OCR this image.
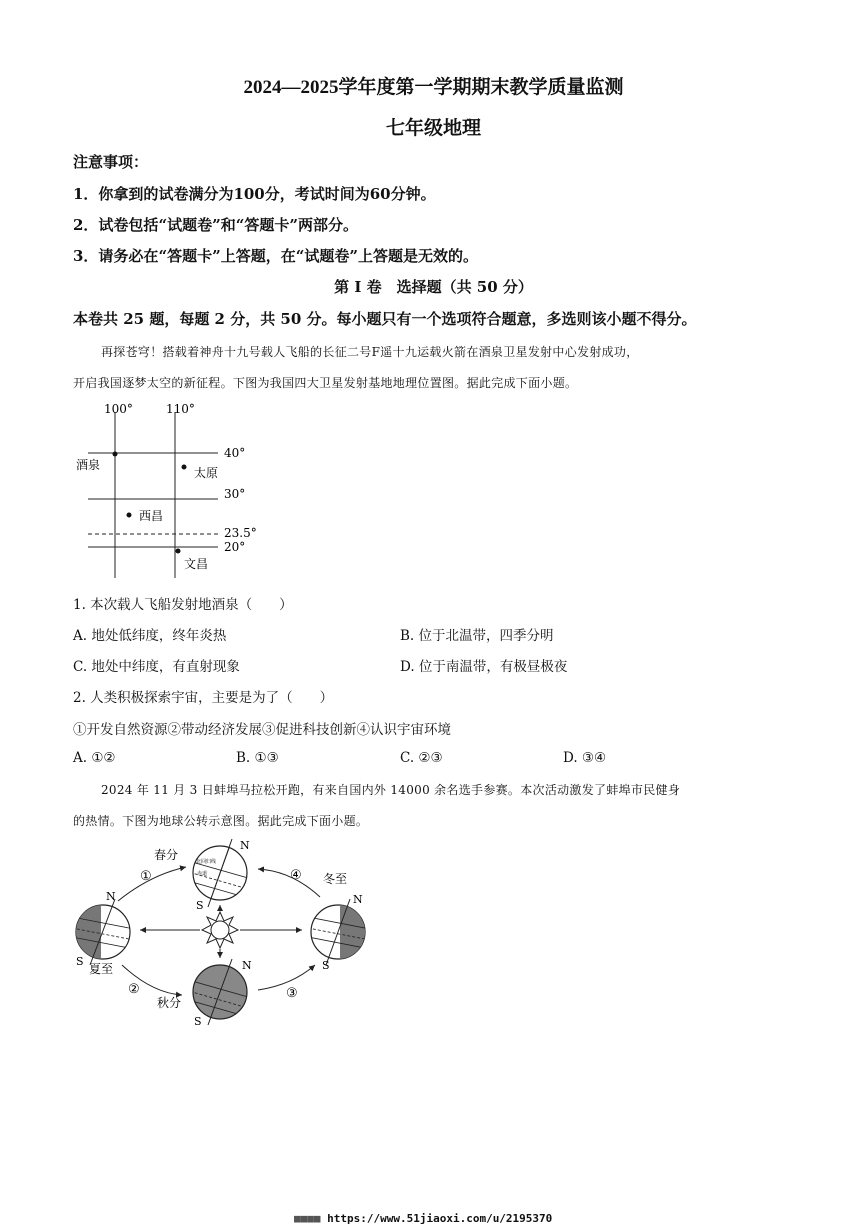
2024—2025学年度第一学期期末教学质量监测
七年级地理
注意事项：
1．你拿到的试卷满分为100分，考试时间为60分钟。
2．试卷包括“试题卷”和“答题卡”两部分。
3．请务必在“答题卡”上答题，在“试题卷”上答题是无效的。
第 I 卷　选择题（共 50 分）
本卷共 25 题，每题 2 分，共 50 分。每小题只有一个选项符合题意，多选则该小题不得分。
再探苍穹！搭载着神舟十九号载人飞船的长征二号F遥十九运载火箭在酒泉卫星发射中心发射成功，
开启我国逐梦太空的新征程。下图为我国四大卫星发射基地地理位置图。据此完成下面小题。
100°	110°
40°
30°
23.5°
20°
酒泉
太原
西昌
文昌
1. 本次载人飞船发射地酒泉（　　）
A. 地处低纬度，终年炎热	B. 位于北温带，四季分明
C. 地处中纬度，有直射现象	D. 位于南温带，有极昼极夜
2. 人类积极探索宇宙，主要是为了（　　）
①开发自然资源②带动经济发展③促进科技创新④认识宇宙环境
A. ①②	B. ①③	C. ②③	D. ③④
2024 年 11 月 3 日蚌埠马拉松开跑，有来自国内外 14000 余名选手参赛。本次活动激发了蚌埠市民健身
的热情。下图为地球公转示意图。据此完成下面小题。
①
②	③
④
北回归线
赤道
N
S
春分
N
S
夏至
N
S
冬至
N
S
秋分
■■■■ https://www.51jiaoxi.com/u/2195370
